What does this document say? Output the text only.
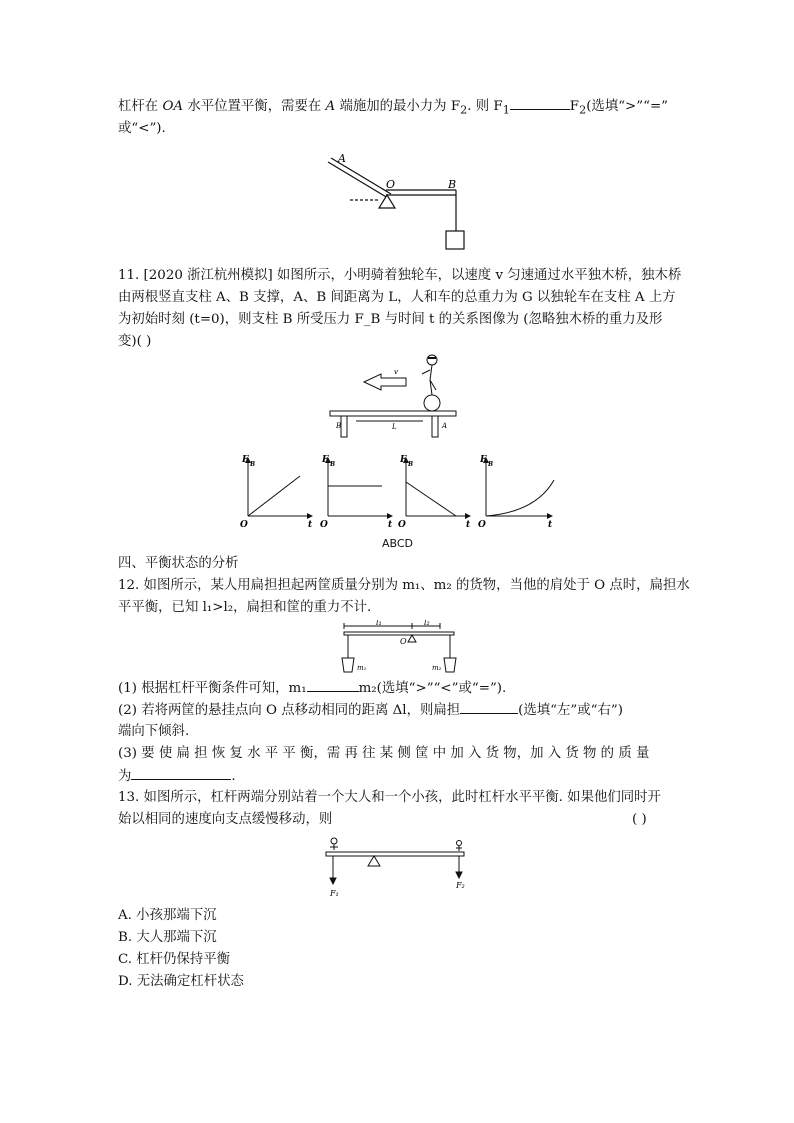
杠杆在 OA 水平位置平衡，需要在 A 端施加的最小力为 $F_2$. 则 $F_1$	$F_2$(选填“>”“=”
或“<”).
A
O	B
11. [2020 浙江杭州模拟] 如图所示，小明骑着独轮车，以速度 v 匀速通过水平独木桥，独木桥
由两根竖直支柱 A、B 支撑，A、B 间距离为 L，人和车的总重力为 G 以独轮车在支柱 A 上方
为初始时刻 (t=0)，则支柱 B 所受压力 F_B 与时间 t 的关系图像为 (忽略独木桥的重力及形
变)( )
v
B	L	A
F B
O	t
F B
O	t
F B
O	t
F B
O	t
ABCD
四、平衡状态的分析
12. 如图所示，某人用扁担担起两筐质量分别为 m₁、m₂ 的货物，当他的肩处于 O 点时，扁担水
平平衡，已知 l₁>l₂，扁担和筐的重力不计.
l₁	l₂
O
m₁	m₂
(1) 根据杠杆平衡条件可知，m₁	m₂(选填“>”“<”或“=”).
(2) 若将两筐的悬挂点向 O 点移动相同的距离 Δl，则扁担	(选填“左”或“右”)
端向下倾斜.
(3) 要 使 扁 担 恢 复 水 平 平 衡，需 再 往 某 侧 筐 中 加 入 货 物，加 入 货 物 的 质 量
为	.
13. 如图所示，杠杆两端分别站着一个大人和一个小孩，此时杠杆水平平衡. 如果他们同时开
始以相同的速度向支点缓慢移动，则	( )
F₁
F₂
A. 小孩那端下沉
B. 大人那端下沉
C. 杠杆仍保持平衡
D. 无法确定杠杆状态
